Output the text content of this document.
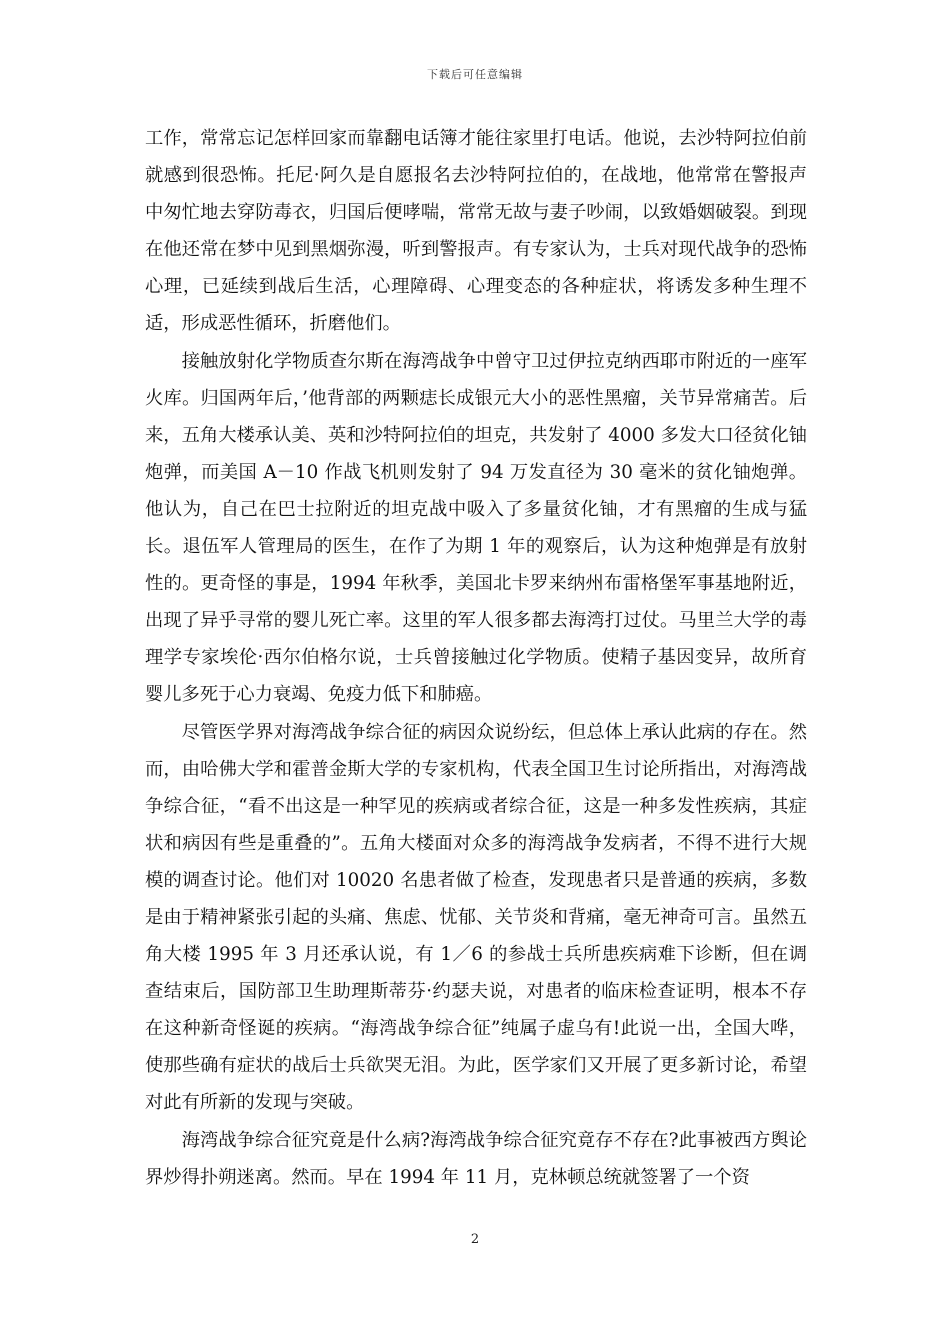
下载后可任意编辑

工作，常常忘记怎样回家而靠翻电话簿才能往家里打电话。他说，去沙特阿拉伯前就感到很恐怖。托尼·阿久是自愿报名去沙特阿拉伯的，在战地，他常常在警报声中匆忙地去穿防毒衣，归国后便哮喘，常常无故与妻子吵闹，以致婚姻破裂。到现在他还常在梦中见到黑烟弥漫，听到警报声。有专家认为，士兵对现代战争的恐怖心理，已延续到战后生活，心理障碍、心理变态的各种症状，将诱发多种生理不适，形成恶性循环，折磨他们。

接触放射化学物质查尔斯在海湾战争中曾守卫过伊拉克纳西耶市附近的一座军火库。归国两年后，’他背部的两颗痣长成银元大小的恶性黑瘤，关节异常痛苦。后来，五角大楼承认美、英和沙特阿拉伯的坦克，共发射了 4000 多发大口径贫化铀炮弹，而美国 A－10 作战飞机则发射了 94 万发直径为 30 毫米的贫化铀炮弹。他认为，自己在巴士拉附近的坦克战中吸入了多量贫化铀，才有黑瘤的生成与猛长。退伍军人管理局的医生，在作了为期 1 年的观察后，认为这种炮弹是有放射性的。更奇怪的事是，1994 年秋季，美国北卡罗来纳州布雷格堡军事基地附近，出现了异乎寻常的婴儿死亡率。这里的军人很多都去海湾打过仗。马里兰大学的毒理学专家埃伦·西尔伯格尔说，士兵曾接触过化学物质。使精子基因变异，故所育婴儿多死于心力衰竭、免疫力低下和肺癌。

尽管医学界对海湾战争综合征的病因众说纷纭，但总体上承认此病的存在。然而，由哈佛大学和霍普金斯大学的专家机构，代表全国卫生讨论所指出，对海湾战争综合征，“看不出这是一种罕见的疾病或者综合征，这是一种多发性疾病，其症状和病因有些是重叠的”。五角大楼面对众多的海湾战争发病者，不得不进行大规模的调查讨论。他们对 10020 名患者做了检查，发现患者只是普通的疾病，多数是由于精神紧张引起的头痛、焦虑、忧郁、关节炎和背痛，毫无神奇可言。虽然五角大楼 1995 年 3 月还承认说，有 1／6 的参战士兵所患疾病难下诊断，但在调查结束后，国防部卫生助理斯蒂芬·约瑟夫说，对患者的临床检查证明，根本不存在这种新奇怪诞的疾病。“海湾战争综合征”纯属子虚乌有!此说一出，全国大哗，使那些确有症状的战后士兵欲哭无泪。为此，医学家们又开展了更多新讨论，希望对此有所新的发现与突破。

海湾战争综合征究竟是什么病?海湾战争综合征究竟存不存在?此事被西方舆论界炒得扑朔迷离。然而。早在 1994 年 11 月，克林顿总统就签署了一个资

2
